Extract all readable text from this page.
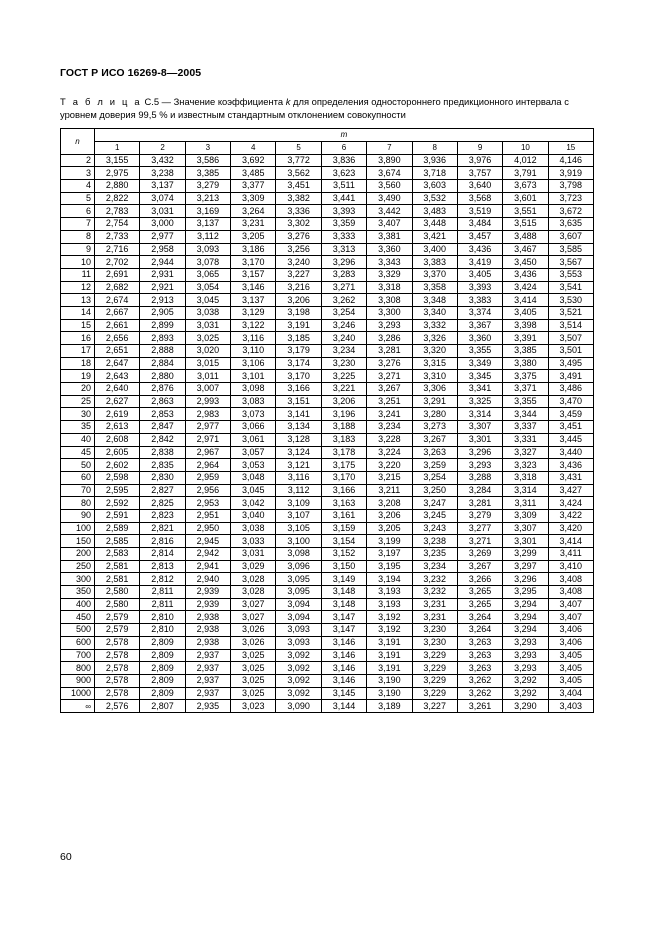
ГОСТ Р ИСО 16269-8—2005
Т а б л и ц а С.5 — Значение коэффициента k для определения одностороннего предикционного интервала с уровнем доверия 99,5 % и известным стандартным отклонением совокупности
n	m										
	1	2	3	4	5	6	7	8	9	10	15
2	3,155	3,432	3,586	3,692	3,772	3,836	3,890	3,936	3,976	4,012	4,146
3	2,975	3,238	3,385	3,485	3,562	3,623	3,674	3,718	3,757	3,791	3,919
4	2,880	3,137	3,279	3,377	3,451	3,511	3,560	3,603	3,640	3,673	3,798
5	2,822	3,074	3,213	3,309	3,382	3,441	3,490	3,532	3,568	3,601	3,723
6	2,783	3,031	3,169	3,264	3,336	3,393	3,442	3,483	3,519	3,551	3,672
7	2,754	3,000	3,137	3,231	3,302	3,359	3,407	3,448	3,484	3,515	3,635
8	2,733	2,977	3,112	3,205	3,276	3,333	3,381	3,421	3,457	3,488	3,607
9	2,716	2,958	3,093	3,186	3,256	3,313	3,360	3,400	3,436	3,467	3,585
10	2,702	2,944	3,078	3,170	3,240	3,296	3,343	3,383	3,419	3,450	3,567
11	2,691	2,931	3,065	3,157	3,227	3,283	3,329	3,370	3,405	3,436	3,553
12	2,682	2,921	3,054	3,146	3,216	3,271	3,318	3,358	3,393	3,424	3,541
13	2,674	2,913	3,045	3,137	3,206	3,262	3,308	3,348	3,383	3,414	3,530
14	2,667	2,905	3,038	3,129	3,198	3,254	3,300	3,340	3,374	3,405	3,521
15	2,661	2,899	3,031	3,122	3,191	3,246	3,293	3,332	3,367	3,398	3,514
16	2,656	2,893	3,025	3,116	3,185	3,240	3,286	3,326	3,360	3,391	3,507
17	2,651	2,888	3,020	3,110	3,179	3,234	3,281	3,320	3,355	3,385	3,501
18	2,647	2,884	3,015	3,106	3,174	3,230	3,276	3,315	3,349	3,380	3,495
19	2,643	2,880	3,011	3,101	3,170	3,225	3,271	3,310	3,345	3,375	3,491
20	2,640	2,876	3,007	3,098	3,166	3,221	3,267	3,306	3,341	3,371	3,486
25	2,627	2,863	2,993	3,083	3,151	3,206	3,251	3,291	3,325	3,355	3,470
30	2,619	2,853	2,983	3,073	3,141	3,196	3,241	3,280	3,314	3,344	3,459
35	2,613	2,847	2,977	3,066	3,134	3,188	3,234	3,273	3,307	3,337	3,451
40	2,608	2,842	2,971	3,061	3,128	3,183	3,228	3,267	3,301	3,331	3,445
45	2,605	2,838	2,967	3,057	3,124	3,178	3,224	3,263	3,296	3,327	3,440
50	2,602	2,835	2,964	3,053	3,121	3,175	3,220	3,259	3,293	3,323	3,436
60	2,598	2,830	2,959	3,048	3,116	3,170	3,215	3,254	3,288	3,318	3,431
70	2,595	2,827	2,956	3,045	3,112	3,166	3,211	3,250	3,284	3,314	3,427
80	2,592	2,825	2,953	3,042	3,109	3,163	3,208	3,247	3,281	3,311	3,424
90	2,591	2,823	2,951	3,040	3,107	3,161	3,206	3,245	3,279	3,309	3,422
100	2,589	2,821	2,950	3,038	3,105	3,159	3,205	3,243	3,277	3,307	3,420
150	2,585	2,816	2,945	3,033	3,100	3,154	3,199	3,238	3,271	3,301	3,414
200	2,583	2,814	2,942	3,031	3,098	3,152	3,197	3,235	3,269	3,299	3,411
250	2,581	2,813	2,941	3,029	3,096	3,150	3,195	3,234	3,267	3,297	3,410
300	2,581	2,812	2,940	3,028	3,095	3,149	3,194	3,232	3,266	3,296	3,408
350	2,580	2,811	2,939	3,028	3,095	3,148	3,193	3,232	3,265	3,295	3,408
400	2,580	2,811	2,939	3,027	3,094	3,148	3,193	3,231	3,265	3,294	3,407
450	2,579	2,810	2,938	3,027	3,094	3,147	3,192	3,231	3,264	3,294	3,407
500	2,579	2,810	2,938	3,026	3,093	3,147	3,192	3,230	3,264	3,294	3,406
600	2,578	2,809	2,938	3,026	3,093	3,146	3,191	3,230	3,263	3,293	3,406
700	2,578	2,809	2,937	3,025	3,092	3,146	3,191	3,229	3,263	3,293	3,405
800	2,578	2,809	2,937	3,025	3,092	3,146	3,191	3,229	3,263	3,293	3,405
900	2,578	2,809	2,937	3,025	3,092	3,146	3,190	3,229	3,262	3,292	3,405
1000	2,578	2,809	2,937	3,025	3,092	3,145	3,190	3,229	3,262	3,292	3,404
∞	2,576	2,807	2,935	3,023	3,090	3,144	3,189	3,227	3,261	3,290	3,403
60
